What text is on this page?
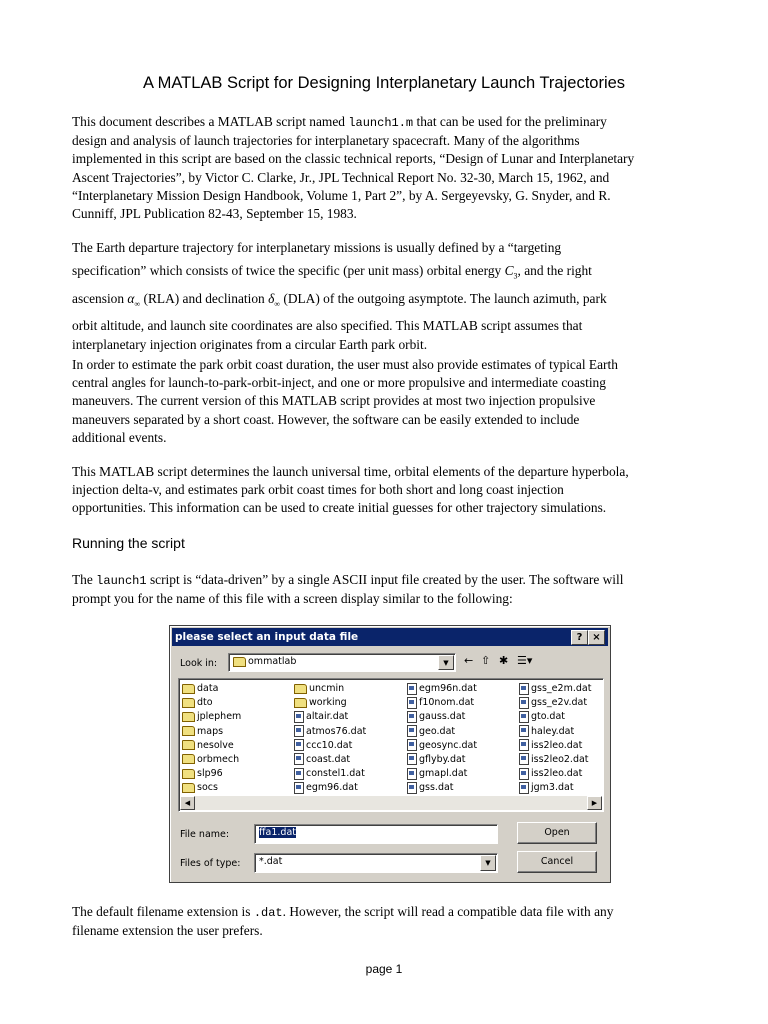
A MATLAB Script for Designing Interplanetary Launch Trajectories
This document describes a MATLAB script named launch1.m that can be used for the preliminary
design and analysis of launch trajectories for interplanetary spacecraft. Many of the algorithms
implemented in this script are based on the classic technical reports, “Design of Lunar and Interplanetary
Ascent Trajectories”, by Victor C. Clarke, Jr., JPL Technical Report No. 32-30, March 15, 1962, and
“Interplanetary Mission Design Handbook, Volume 1, Part 2”, by A. Sergeyevsky, G. Snyder, and R.
Cunniff, JPL Publication 82-43, September 15, 1983.
The Earth departure trajectory for interplanetary missions is usually defined by a “targeting
specification” which consists of twice the specific (per unit mass) orbital energy $C_3$, and the right
ascension $\alpha_\infty$ (RLA) and declination $\delta_\infty$ (DLA) of the outgoing asymptote. The launch azimuth, park
orbit altitude, and launch site coordinates are also specified. This MATLAB script assumes that
interplanetary injection originates from a circular Earth park orbit.
In order to estimate the park orbit coast duration, the user must also provide estimates of typical Earth
central angles for launch-to-park-orbit-inject, and one or more propulsive and intermediate coasting
maneuvers. The current version of this MATLAB script provides at most two injection propulsive
maneuvers separated by a short coast. However, the software can be easily extended to include
additional events.
This MATLAB script determines the launch universal time, orbital elements of the departure hyperbola,
injection delta-v, and estimates park orbit coast times for both short and long coast injection
opportunities. This information can be used to create initial guesses for other trajectory simulations.
Running the script
The launch1 script is “data-driven” by a single ASCII input file created by the user. The software will
prompt you for the name of this file with a screen display similar to the following:
please select an input data file	? ×
Look in:	ommatlab	▼	← ⇧ ✱ ☰▾
data
dto
jplephem
maps
nesolve
orbmech
slp96
socs
uncmin
working
altair.dat
atmos76.dat
ccc10.dat
coast.dat
constel1.dat
egm96.dat
egm96n.dat
f10nom.dat
gauss.dat
geo.dat
geosync.dat
gflyby.dat
gmapl.dat
gss.dat
gss_e2m.dat
gss_e2v.dat
gto.dat
haley.dat
iss2leo.dat
iss2leo2.dat
iss2leo.dat
jgm3.dat
◀	▶
File name:	ffa1.dat	Open
Files of type: *.dat	▼	Cancel
The default filename extension is .dat. However, the script will read a compatible data file with any
filename extension the user prefers.
page 1
